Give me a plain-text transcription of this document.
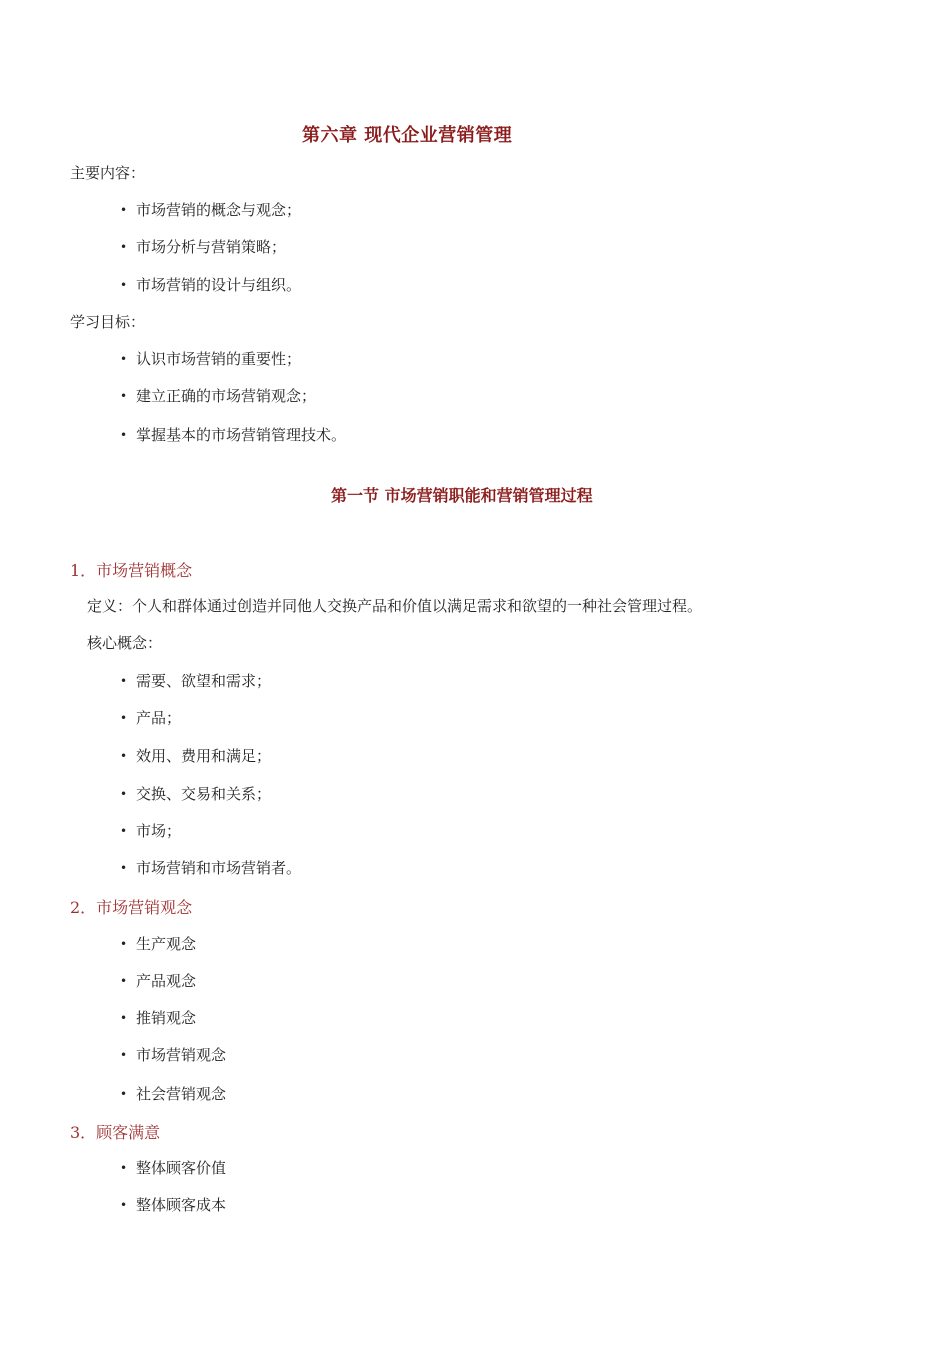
第六章 现代企业营销管理
主要内容：
• 市场营销的概念与观念；
• 市场分析与营销策略；
• 市场营销的设计与组织。
学习目标：
• 认识市场营销的重要性；
• 建立正确的市场营销观念；
• 掌握基本的市场营销管理技术。
第一节 市场营销职能和营销管理过程
1．市场营销概念
定义：个人和群体通过创造并同他人交换产品和价值以满足需求和欲望的一种社会管理过程。
核心概念：
• 需要、欲望和需求；
• 产品；
• 效用、费用和满足；
• 交换、交易和关系；
• 市场；
• 市场营销和市场营销者。
2．市场营销观念
• 生产观念
• 产品观念
• 推销观念
• 市场营销观念
• 社会营销观念
3．顾客满意
• 整体顾客价值
• 整体顾客成本
